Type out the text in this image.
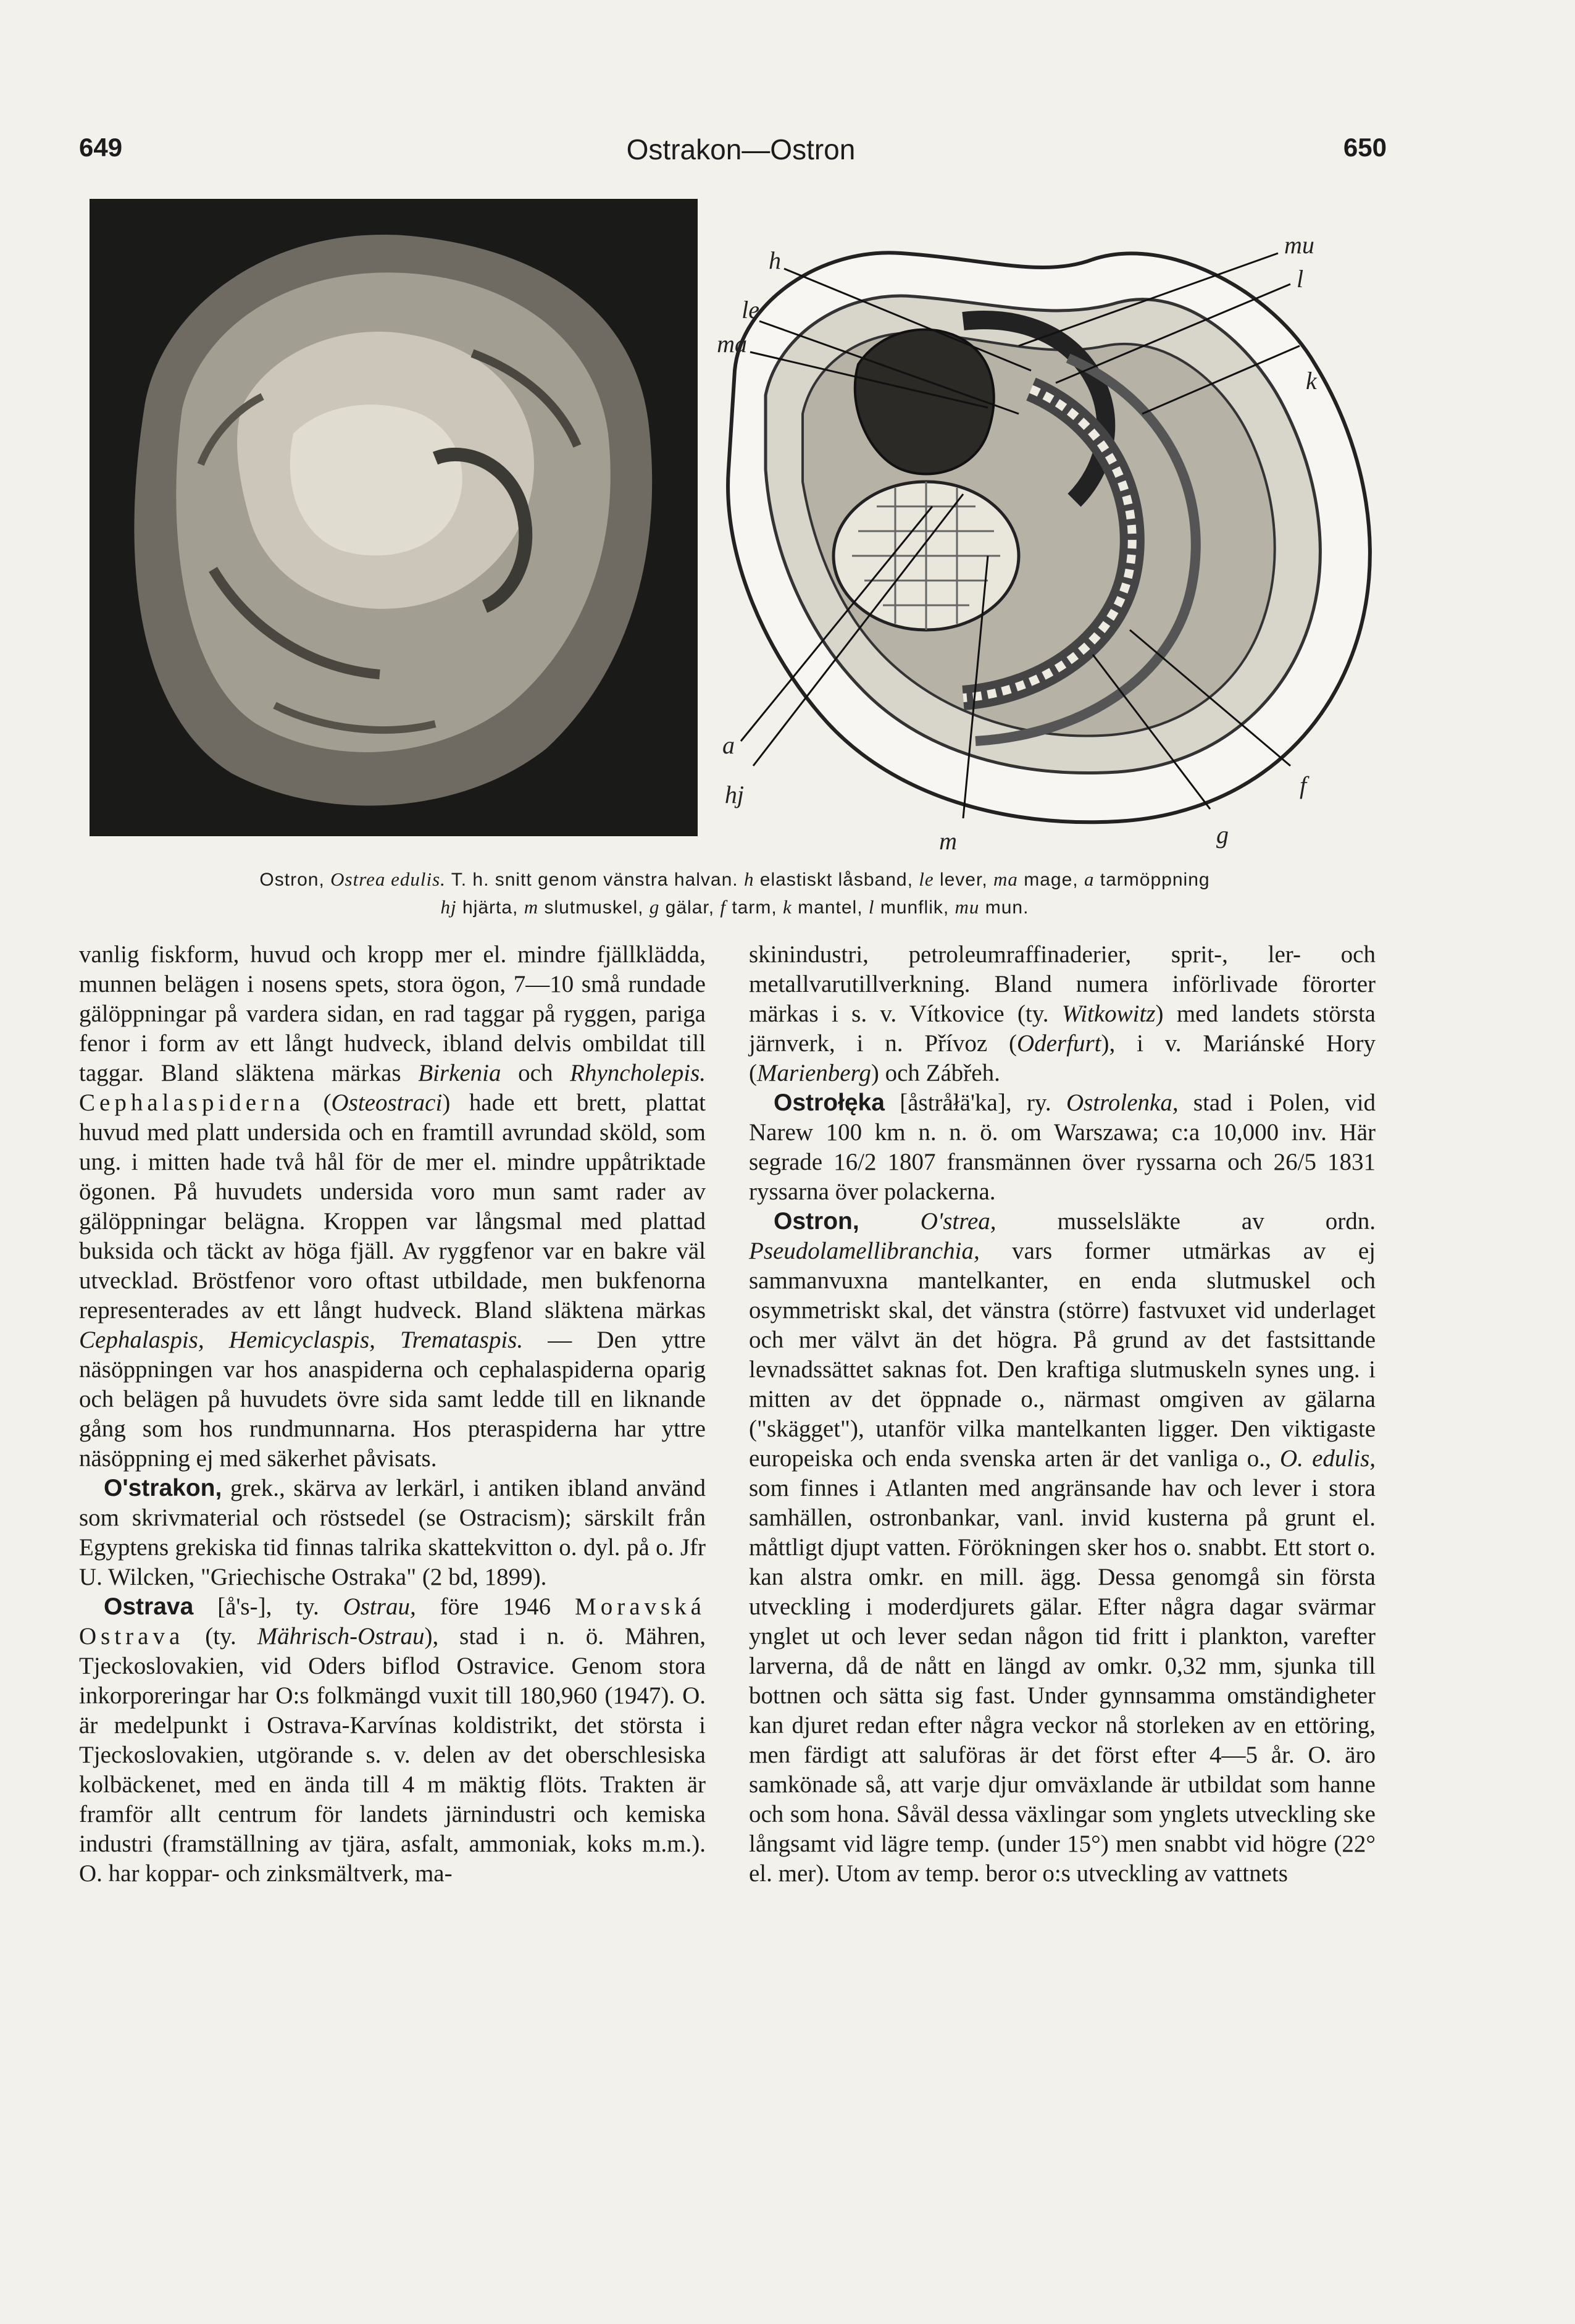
649	Ostrakon—Ostron	650
h
le
ma
mu
l
k
a
hj
m	g
f
Ostron, Ostrea edulis. T. h. snitt genom vänstra halvan. h elastiskt låsband, le lever, ma mage, a tarmöppning
hj hjärta, m slutmuskel, g gälar, f tarm, k mantel, l munflik, mu mun.

vanlig fiskform, huvud och kropp mer el. mindre fjällklädda, munnen belägen i nosens spets, stora ögon, 7—10 små rundade gälöppningar på vardera sidan, en rad taggar på ryggen, pariga fenor i form av ett långt hudveck, ibland delvis ombildat till taggar. Bland släktena märkas Birkenia och Rhyncholepis. Cephalaspiderna (Osteostraci) hade ett brett, plattat huvud med platt undersida och en framtill avrundad sköld, som ung. i mitten hade två hål för de mer el. mindre uppåtriktade ögonen. På huvudets undersida voro mun samt rader av gälöppningar belägna. Kroppen var långsmal med plattad buksida och täckt av höga fjäll. Av ryggfenor var en bakre väl utvecklad. Bröstfenor voro oftast utbildade, men bukfenorna representerades av ett långt hudveck. Bland släktena märkas Cephalaspis, Hemicyclaspis, Tremataspis. — Den yttre näsöppningen var hos anaspiderna och cephalaspiderna oparig och belägen på huvudets övre sida samt ledde till en liknande gång som hos rundmunnarna. Hos pteraspiderna har yttre näsöppning ej med säkerhet påvisats.

O'strakon, grek., skärva av lerkärl, i antiken ibland använd som skrivmaterial och röstsedel (se Ostracism); särskilt från Egyptens grekiska tid finnas talrika skattekvitton o. dyl. på o. Jfr U. Wilcken, "Griechische Ostraka" (2 bd, 1899).

Ostrava [å's-], ty. Ostrau, före 1946 Moravská Ostrava (ty. Mährisch-Ostrau), stad i n. ö. Mähren, Tjeckoslovakien, vid Oders biflod Ostravice. Genom stora inkorporeringar har O:s folkmängd vuxit till 180,960 (1947). O. är medelpunkt i Ostrava-Karvínas koldistrikt, det största i Tjeckoslovakien, utgörande s. v. delen av det oberschlesiska kolbäckenet, med en ända till 4 m mäktig flöts. Trakten är framför allt centrum för landets järnindustri och kemiska industri (framställning av tjära, asfalt, ammoniak, koks m.m.). O. har koppar- och zinksmältverk, ma-

skinindustri, petroleumraffinaderier, sprit-, ler- och metallvarutillverkning. Bland numera införlivade förorter märkas i s. v. Vítkovice (ty. Witkowitz) med landets största järnverk, i n. Přívoz (Oderfurt), i v. Mariánské Hory (Marienberg) och Zábřeh.

Ostrołęka [åstråłä'ka], ry. Ostrolenka, stad i Polen, vid Narew 100 km n. n. ö. om Warszawa; c:a 10,000 inv. Här segrade 16/2 1807 fransmännen över ryssarna och 26/5 1831 ryssarna över polackerna.

Ostron,	O'strea, musselsläkte av ordn. Pseudolamellibranchia, vars former utmärkas av ej sammanvuxna mantelkanter, en enda slutmuskel och osymmetriskt skal, det vänstra (större) fastvuxet vid underlaget och mer välvt än det högra. På grund av det fastsittande levnadssättet saknas fot. Den kraftiga slutmuskeln synes ung. i mitten av det öppnade o., närmast omgiven av gälarna ("skägget"), utanför vilka mantelkanten ligger. Den viktigaste europeiska och enda svenska arten är det vanliga o., O. edulis, som finnes i Atlanten med angränsande hav och lever i stora samhällen, ostronbankar, vanl. invid kusterna på grunt el. måttligt djupt vatten. Förökningen sker hos o. snabbt. Ett stort o. kan alstra omkr. en mill. ägg. Dessa genomgå sin första utveckling i moderdjurets gälar. Efter några dagar svärmar ynglet ut och lever sedan någon tid fritt i plankton, varefter larverna, då de nått en längd av omkr. 0,32 mm, sjunka till bottnen och sätta sig fast. Under gynnsamma omständigheter kan djuret redan efter några veckor nå storleken av en ettöring, men färdigt att saluföras är det först efter 4—5 år. O. äro samkönade så, att varje djur omväxlande är utbildat som hanne och som hona. Såväl dessa växlingar som ynglets utveckling ske långsamt vid lägre temp. (under 15°) men snabbt vid högre (22° el. mer). Utom av temp. beror o:s utveckling av vattnets
